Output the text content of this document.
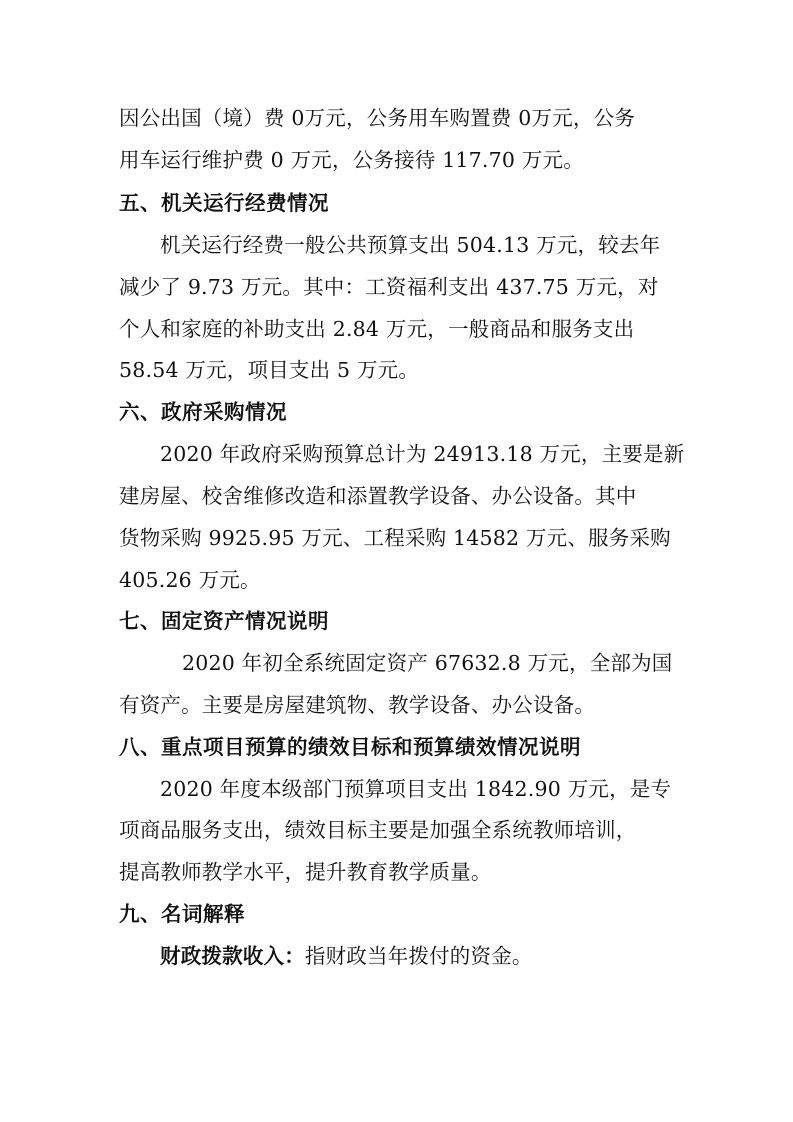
因公出国（境）费 0万元，公务用车购置费 0万元，公务
用车运行维护费 0 万元，公务接待 117.70 万元。
五、机关运行经费情况
机关运行经费一般公共预算支出 504.13 万元，较去年
减少了 9.73 万元。其中：工资福利支出 437.75 万元，对
个人和家庭的补助支出 2.84 万元，一般商品和服务支出
58.54 万元，项目支出 5 万元。
六、政府采购情况
2020 年政府采购预算总计为 24913.18 万元，主要是新
建房屋、校舍维修改造和添置教学设备、办公设备。其中
货物采购 9925.95 万元、工程采购 14582 万元、服务采购
405.26 万元。
七、固定资产情况说明
2020 年初全系统固定资产 67632.8 万元，全部为国
有资产。主要是房屋建筑物、教学设备、办公设备。
八、重点项目预算的绩效目标和预算绩效情况说明
2020 年度本级部门预算项目支出 1842.90 万元，是专
项商品服务支出，绩效目标主要是加强全系统教师培训，
提高教师教学水平，提升教育教学质量。
九、名词解释
财政拨款收入：指财政当年拨付的资金。
